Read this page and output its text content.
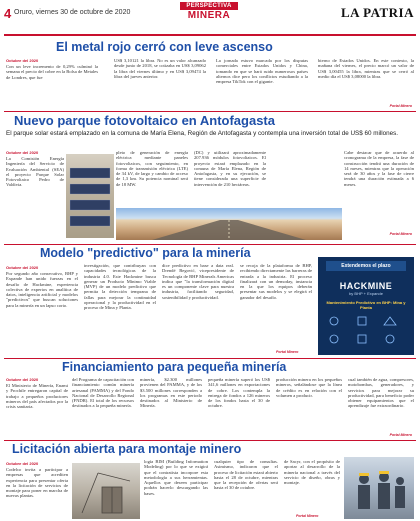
4 Oruro, viernes 30 de octubre de 2020
PERSPECTIVA
MINERA	LA PATRIA
El metal rojo cerró con leve ascenso
Octubre del 2020

Con un leve incremento de 0,29% culminó la semana el precio del cobre en la Bolsa de Metales de Londres, que fue

US$ 3,10121 la libra. No es un valor alcanzado desde junio de 2018, se cotizaba en US$ 3,09062 la libra del viernes último y en US$ 3,09474 la libra del jueves anterior.

La jornada estuvo marcada por los disputas comerciales entre Estados Unidos y China, tomando en que se hará ruido numerosos países alternos dice pero los conflictos estudiando a la empresa TikTok con el gigante.

bierno de Estados Unidos. En este contexto, la mañana del viernes, el precio marcó un valor de US$ 3,00455 la libra, mientras que se cerró al medio día el US$ 3,08000 la libra.

Portal Minero
Nuevo parque fotovoltaico en Antofagasta
El parque solar estará emplazado en la comuna de María Elena, Región de Antofagasta y contempla una inversión total de US$ 60 millones.
Octubre del 2020

La Comisión Energía Ingeniería del Servicio de Evaluación Ambiental (SEA) el proyecto Parque Solar Fotovoltaico Pedro de Valdivia.

pleto de generación de energía eléctrica mediante paneles fotovoltaicos, con seguimiento, en forma de transmisión eléctrica (LTE) de 34 kV, de largo y cambio de acceso de 1,3 km. Su potencia nominal será de 18 MW.

(DC) y utilizará aproximadamente 207.936 módulos fotovoltaicos. El proyecto estará emplazado en la comuna de María Elena, Región de Antofagasta, y en su ejecución, se tiene considerada una superficie de intervención de 210 hectáreas.

Cabe destacar que de acuerdo al cronograma de la empresa, la fase de construcción tendrá una duración de 14 meses, mientras que la operación será de 30 años y la fase de cierre tendrá una duración estimada a 6 meses.

Portal Minero
Modelo "predictivo" para la minería
Octubre del 2020

Por segundo año consecutivo, BHP y Expande han unido fuerzas en el desafío de Hackmine, experiencia colectiva de expertos en analítica de datos, inteligencia artificial y modelos "predictivos" que buscan soluciones para la minería en un lapso corto.

investigación, que contribuyan con capacidades tecnológicas de la industria 4.0. Este Hackmine busca generar un Producto Mínimo Viable (MVP) de un modelo predictivo que permita la detección temprana de fallas para mejorar la continuidad operacional y la productividad en el proceso de Mina y Planta.

dice predictivo en base a data real. Drendé Begović, vicepresidente de Tecnología de BHP Minerals Americas indica que "la transformación digital es un componente clave para nuestra industria, facilitando seguridad, sostenibilidad y productividad.

se recoja de la plataforma de BHP, recibiendo directamente las barreras de entrada a la industria. El proceso finalizará con un demoday, instancia en la que los equipos deberán presentar sus modelos y se elegirá el ganador del desafío.

Portal Minero
Extendemos el plazo
HACKMINE
by BHP + Expande
Mantenimiento Predictivo en BHP: Mina y Planta
Financiamiento para pequeña minería
Octubre del 2020

El Ministerio de Minería, Enami y Prochile entregaron capital de trabajo a pequeños productores mineros del país afectados por la crisis sanitaria.

del Programa de capacitación con financiamiento común minería artesanal (PAMMA) y del Fondo Nacional de Desarrollo Regional (FNDR). El total de los recursos destinados a la pequeña minería.

minería, $2.300 millones provienen del PAMMA, y de los $3.500 millones corresponden a los programas en este periodo destinados al Ministerio de Minería.

pequeña minería superó los US$ 341,6 millones en exportaciones de cobre. Los contempla la entrega de fondos a 126 mineros de los fondos hasta el 30 de octubre.

producción minera en los pequeños mineros, señalándose que la línea de crédito es en relación con el volumen a producir.

cual también de agua, compresores, motobombas, generadores, y servicios para mejorar su productividad, para beneficio poder obtener equipamientos que el aprendizaje fue extraordinario.

Portal Minero
Licitación abierta para montaje minero
Octubre del 2020

Codelco invita a participar a empresas que acrediten experiencia para presentar oferta en la licitación de servicios de montaje para poner en marcha de nuevas plantas.

logía BIM (Building Information Modeling) por lo que se exigirá que el contratista incorpore esta metodología a sus herramientas. Aquellos que deseen participar podrán hacerlo descargando las bases.

cualquier tipo de consultas. Asimismo, indicaron que el proceso de licitación estará abierto hasta el 28 de octubre, mientras que la recepción de ofertas será hasta el 30 de octubre.

de Sacyr, con el propósito de aportar al desarrollo de la minería nacional a través del servicio de diseño, obras y montaje.

Portal Minero
